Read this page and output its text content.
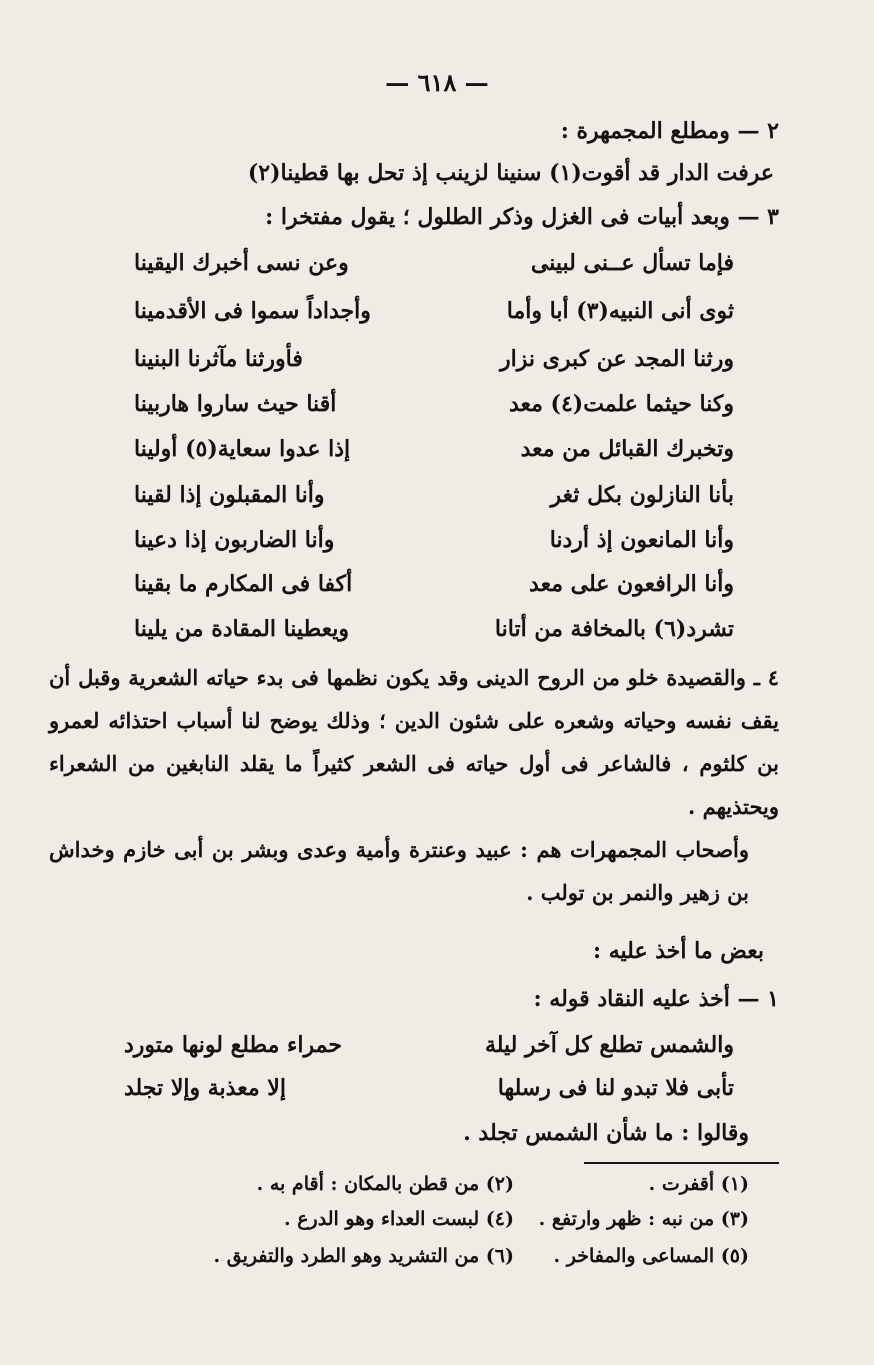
— ٦١٨ —
٢ — ومطلع المجمهرة :
عرفت الدار قد أقوت(١) سنينا لزينب إذ تحل بها قطينا(٢)
٣ — وبعد أبيات فى الغزل وذكر الطلول ؛ يقول مفتخرا :
فإما تسأل عــنى لبينى
وعن نسى أخبرك اليقينا
ثوى أنى النبيه(٣) أبا وأما
وأجداداً سموا فى الأقدمينا
ورثنا المجد عن كبرى نزار
فأورثنا مآثرنا البنينا
وكنا حيثما علمت(٤) معد
أقنا حيث ساروا هاربينا
وتخبرك القبائل من معد
إذا عدوا سعاية(٥) أولينا
بأنا النازلون بكل ثغر
وأنا المقبلون إذا لقينا
وأنا المانعون إذ أردنا
وأنا الضاربون إذا دعينا
وأنا الرافعون على معد
أكفا فى المكارم ما بقينا
تشرد(٦) بالمخافة من أتانا
ويعطينا المقادة من يلينا

٤ ـ والقصيدة خلو من الروح الدينى وقد يكون نظمها فى بدء حياته الشعرية وقبل أن يقف نفسه وحياته وشعره على شئون الدين ؛ وذلك يوضح لنا أسباب احتذائه لعمرو بن كلثوم ، فالشاعر فى أول حياته فى الشعر كثيراً ما يقلد النابغين من الشعراء ويحتذيهم .

وأصحاب المجمهرات هم : عبيد وعنترة وأمية وعدى وبشر بن أبى خازم وخداش بن زهير والنمر بن تولب .

بعض ما أخذ عليه :
١ — أخذ عليه النقاد قوله :
والشمس تطلع كل آخر ليلة
حمراء مطلع لونها متورد
تأبى فلا تبدو لنا فى رسلها
إلا معذبة وإلا تجلد
وقالوا : ما شأن الشمس تجلد .
(١) أقفرت .
(٢) من قطن بالمكان : أقام به .
(٣) من نبه : ظهر وارتفع .
(٤) لبست العداء وهو الدرع .
(٥) المساعى والمفاخر .
(٦) من التشريد وهو الطرد والتفريق .
